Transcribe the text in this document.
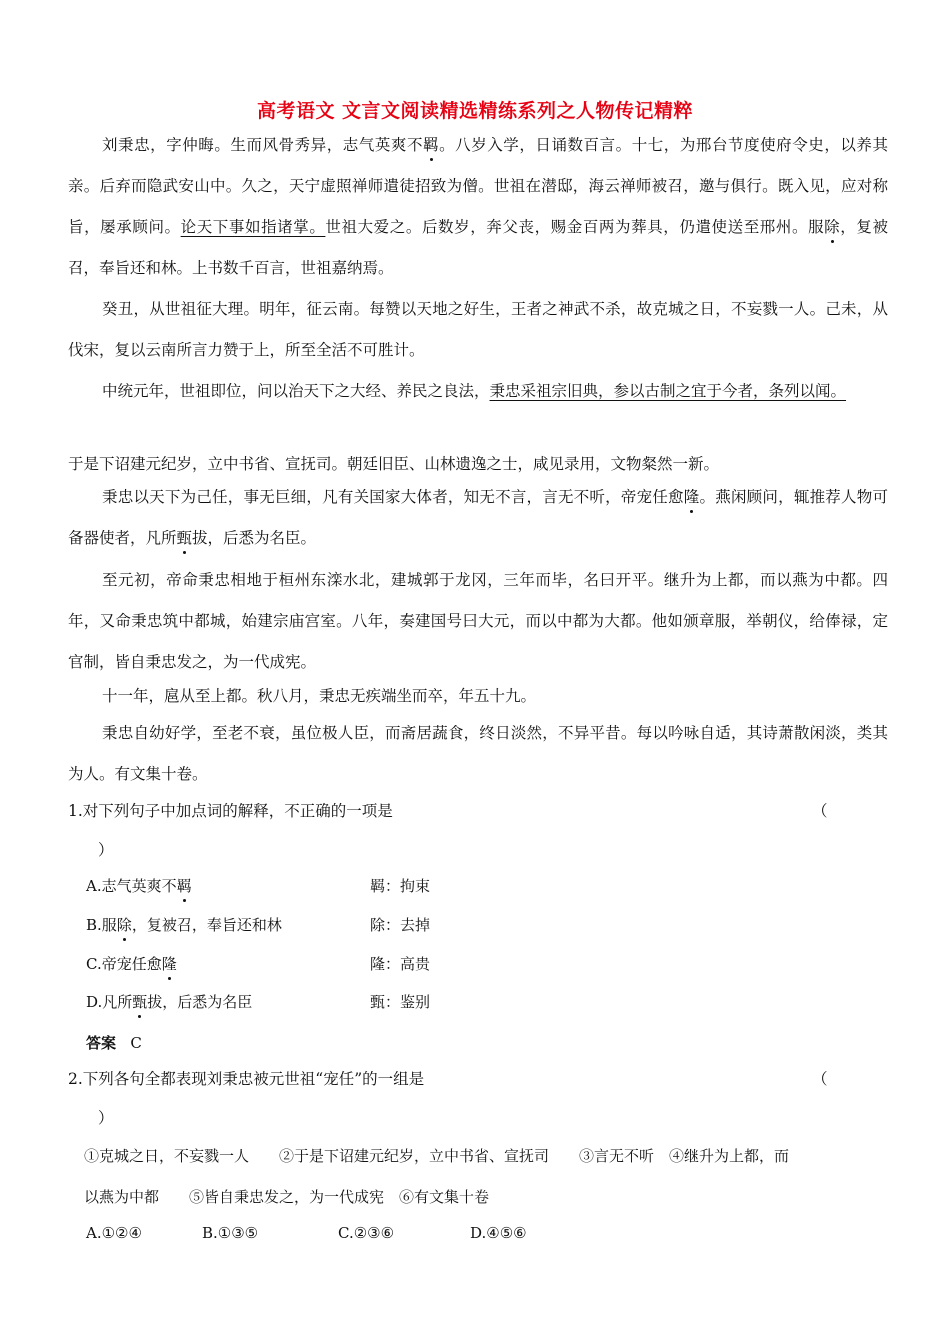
高考语文 文言文阅读精选精练系列之人物传记精粹
刘秉忠，字仲晦。生而风骨秀异，志气英爽不羁。八岁入学，日诵数百言。十七，为邢台节度使府令史，以养其亲。后弃而隐武安山中。久之，天宁虚照禅师遣徒招致为僧。世祖在潜邸，海云禅师被召，邀与俱行。既入见，应对称旨，屡承顾问。论天下事如指诸掌。世祖大爱之。后数岁，奔父丧，赐金百两为葬具，仍遣使送至邢州。服除，复被召，奉旨还和林。上书数千百言，世祖嘉纳焉。
癸丑，从世祖征大理。明年，征云南。每赞以天地之好生，王者之神武不杀，故克城之日，不妄戮一人。己未，从伐宋，复以云南所言力赞于上，所至全活不可胜计。
中统元年，世祖即位，问以治天下之大经、养民之良法，秉忠采祖宗旧典，参以古制之宜于今者，条列以闻。
于是下诏建元纪岁，立中书省、宣抚司。朝廷旧臣、山林遗逸之士，咸见录用，文物粲然一新。
秉忠以天下为己任，事无巨细，凡有关国家大体者，知无不言，言无不听，帝宠任愈隆。燕闲顾问，辄推荐人物可备器使者，凡所甄拔，后悉为名臣。
至元初，帝命秉忠相地于桓州东滦水北，建城郭于龙冈，三年而毕，名曰开平。继升为上都，而以燕为中都。四年，又命秉忠筑中都城，始建宗庙宫室。八年，奏建国号曰大元，而以中都为大都。他如颁章服，举朝仪，给俸禄，定官制，皆自秉忠发之，为一代成宪。
十一年，扈从至上都。秋八月，秉忠无疾端坐而卒，年五十九。
秉忠自幼好学，至老不衰，虽位极人臣，而斋居蔬食，终日淡然，不异平昔。每以吟咏自适，其诗萧散闲淡，类其为人。有文集十卷。
1.对下列句子中加点词的解释，不正确的一项是	（
）
A.志气英爽不羁	羁：拘束
B.服除，复被召，奉旨还和林	除：去掉
C.帝宠任愈隆	隆：高贵
D.凡所甄拔，后悉为名臣	甄：鉴别
答案 C
2.下列各句全都表现刘秉忠被元世祖“宠任”的一组是	（
）
①克城之日，不妄戮一人　　②于是下诏建元纪岁，立中书省、宣抚司　　③言无不听　④继升为上都，而
以燕为中都　　⑤皆自秉忠发之，为一代成宪　⑥有文集十卷
A.①②④	B.①③⑤	C.②③⑥	D.④⑤⑥
